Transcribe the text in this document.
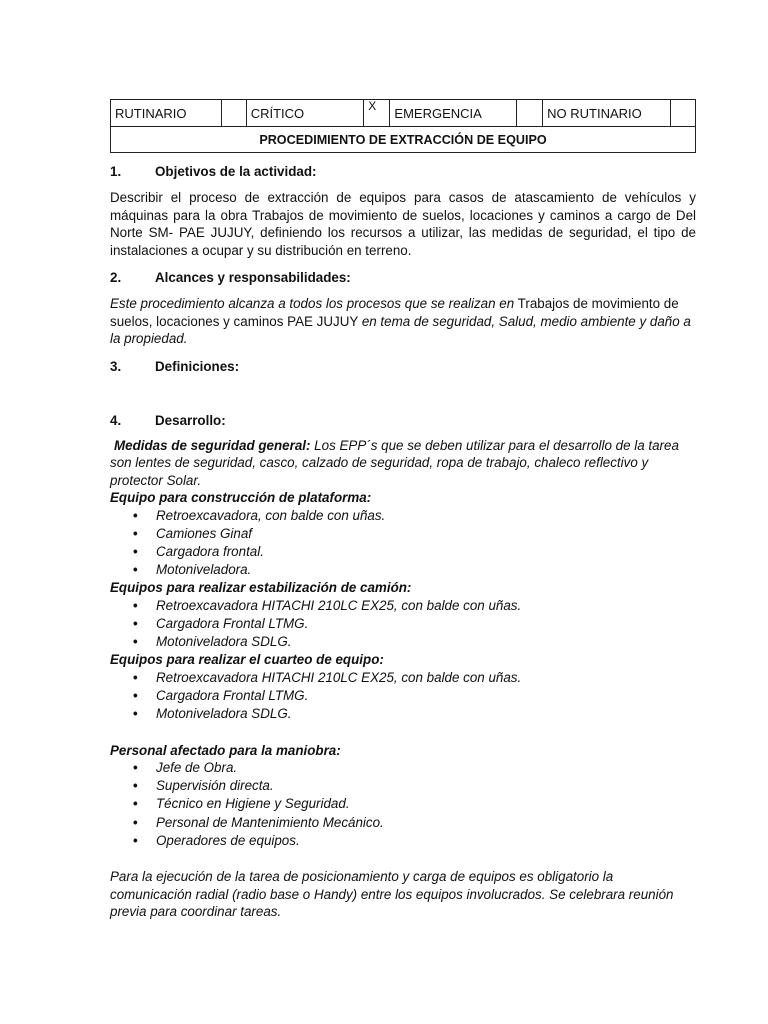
RUTINARIO		CRÍTICO	X	EMERGENCIA		NO RUTINARIO	
PROCEDIMIENTO DE EXTRACCIÓN DE EQUIPO
1.	Objetivos de la actividad:

Describir el proceso de extracción de equipos para casos de atascamiento de vehículos y máquinas para la obra Trabajos de movimiento de suelos, locaciones y caminos a cargo de Del Norte SM- PAE JUJUY, definiendo los recursos a utilizar, las medidas de seguridad, el tipo de instalaciones a ocupar y su distribución en terreno.

2.	Alcances y responsabilidades:

Este procedimiento alcanza a todos los procesos que se realizan en Trabajos de movimiento de suelos, locaciones y caminos PAE JUJUY en tema de seguridad, Salud, medio ambiente y daño a la propiedad.

3.	Definiciones:
4.	Desarrollo:
Medidas de seguridad general: Los EPP´s que se deben utilizar para el desarrollo de la tarea son lentes de seguridad, casco, calzado de seguridad, ropa de trabajo, chaleco reflectivo y protector Solar.
Equipo para construcción de plataforma:
• Retroexcavadora, con balde con uñas.
• Camiones Ginaf
• Cargadora frontal.
• Motoniveladora.
Equipos para realizar estabilización de camión:
• Retroexcavadora HITACHI 210LC EX25, con balde con uñas.
• Cargadora Frontal LTMG.
• Motoniveladora SDLG.
Equipos para realizar el cuarteo de equipo:
• Retroexcavadora HITACHI 210LC EX25, con balde con uñas.
• Cargadora Frontal LTMG.
• Motoniveladora SDLG.
Personal afectado para la maniobra:
• Jefe de Obra.
• Supervisión directa.
• Técnico en Higiene y Seguridad.
• Personal de Mantenimiento Mecánico.
• Operadores de equipos.

Para la ejecución de la tarea de posicionamiento y carga de equipos es obligatorio la comunicación radial (radio base o Handy) entre los equipos involucrados. Se celebrara reunión previa para coordinar tareas.
